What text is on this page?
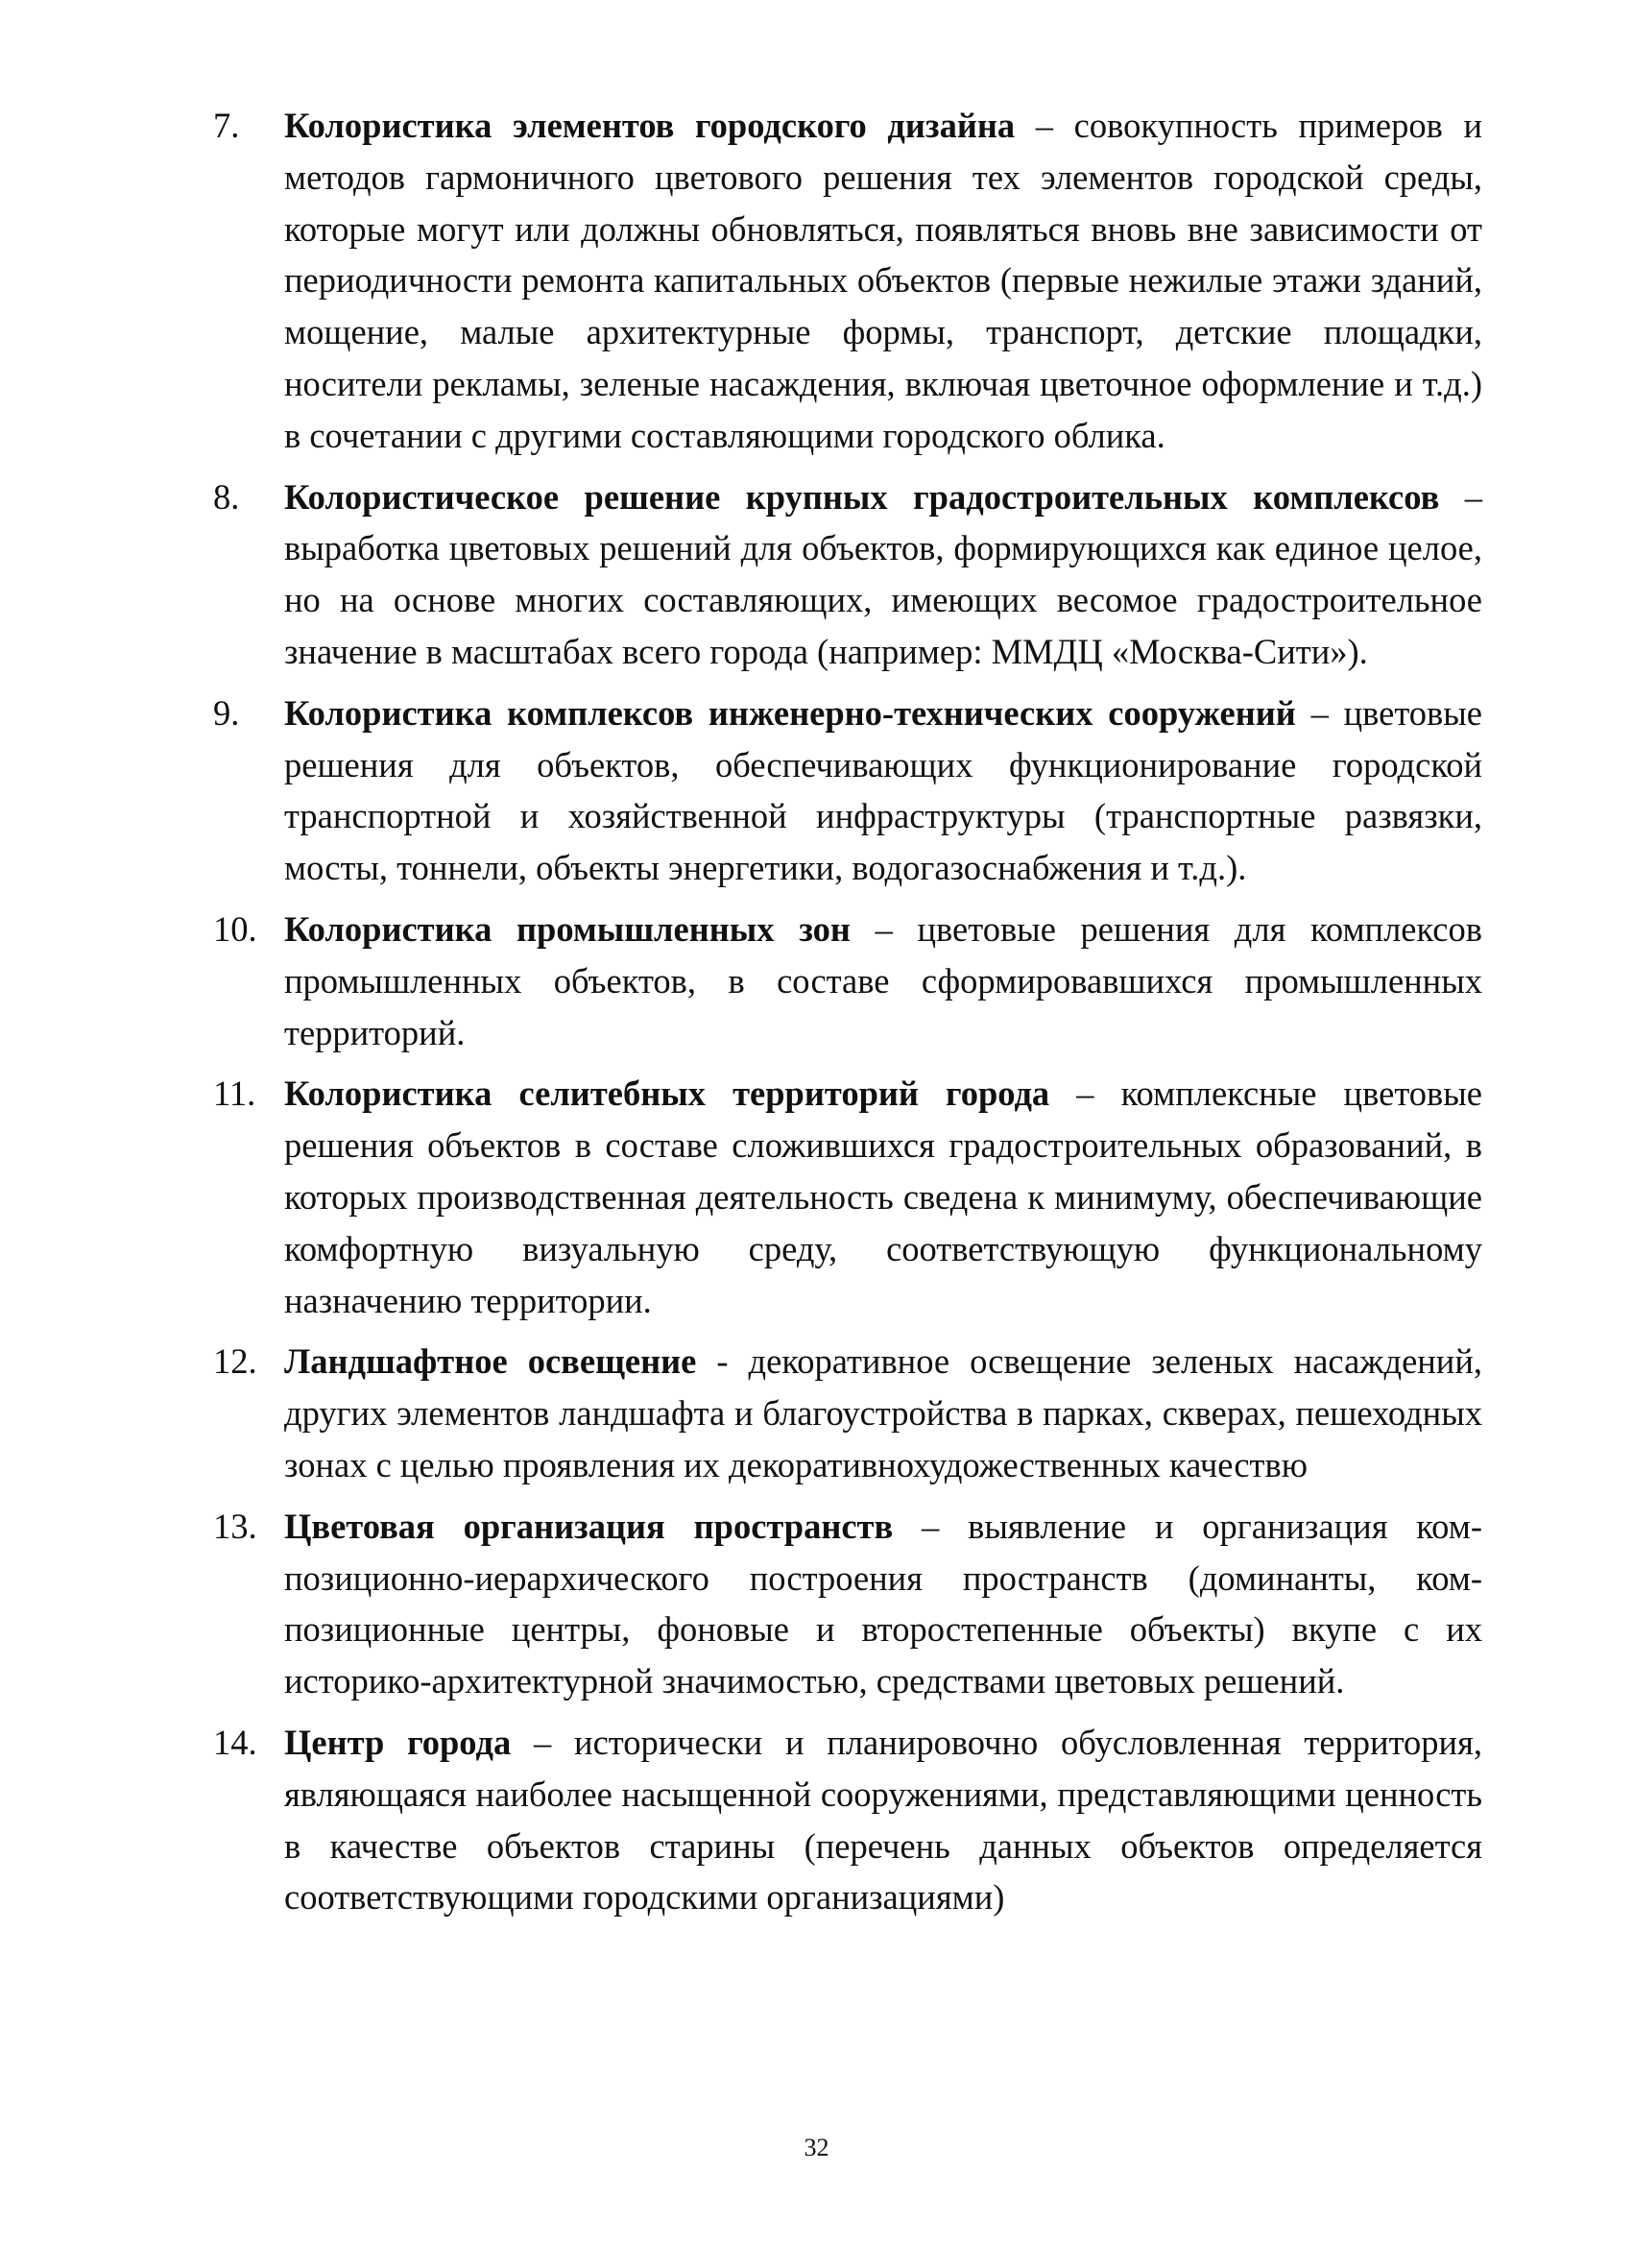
7.	Колористика элементов городского дизайна – совокупность примеров и методов гармоничного цветового решения тех элементов городской среды, которые могут или должны обновляться, появляться вновь вне зависимости от периодичности ремонта капитальных объектов (первые нежилые этажи зданий, мощение, малые архитектурные формы, транспорт, детские площадки, носители рекламы, зеленые насаждения, включая цветочное оформление и т.д.) в сочетании с другими составляющими городского облика.
8.	Колористическое решение крупных градостроительных комплексов – выработка цветовых решений для объектов, формирующихся как единое целое, но на основе многих составляющих, имеющих весомое градостроительное значение в масштабах всего города (например: ММДЦ «Москва-Сити»).
9.	Колористика комплексов инженерно-технических сооружений – цветовые решения для объектов, обеспечивающих функционирование городской транспортной и хозяйственной инфраструктуры (транспортные развязки, мосты, тоннели, объекты энергетики, водогазоснабжения и т.д.).
10. Колористика промышленных зон – цветовые решения для комплексов промышленных объектов, в составе сформировавшихся промышленных территорий.
11. Колористика селитебных территорий города – комплексные цветовые решения объектов в составе сложившихся градостроительных образований, в которых производственная деятельность сведена к минимуму, обеспечивающие комфортную визуальную среду, соответствующую функциональному назначению территории.
12. Ландшафтное освещение - декоративное освещение зеленых насаждений, других элементов ландшафта и благоустройства в парках, скверах, пешеходных зонах с целью проявления их декоративнохудожественных качествю
13. Цветовая организация пространств – выявление и организация композиционно-иерархического построения пространств (доминанты, композиционные центры, фоновые и второстепенные объекты) вкупе с их историко-архитектурной значимостью, средствами цветовых решений.
14. Центр города – исторически и планировочно обусловленная территория, являющаяся наиболее насыщенной сооружениями, представляющими ценность в качестве объектов старины (перечень данных объектов определяется соответствующими городскими организациями)
32
